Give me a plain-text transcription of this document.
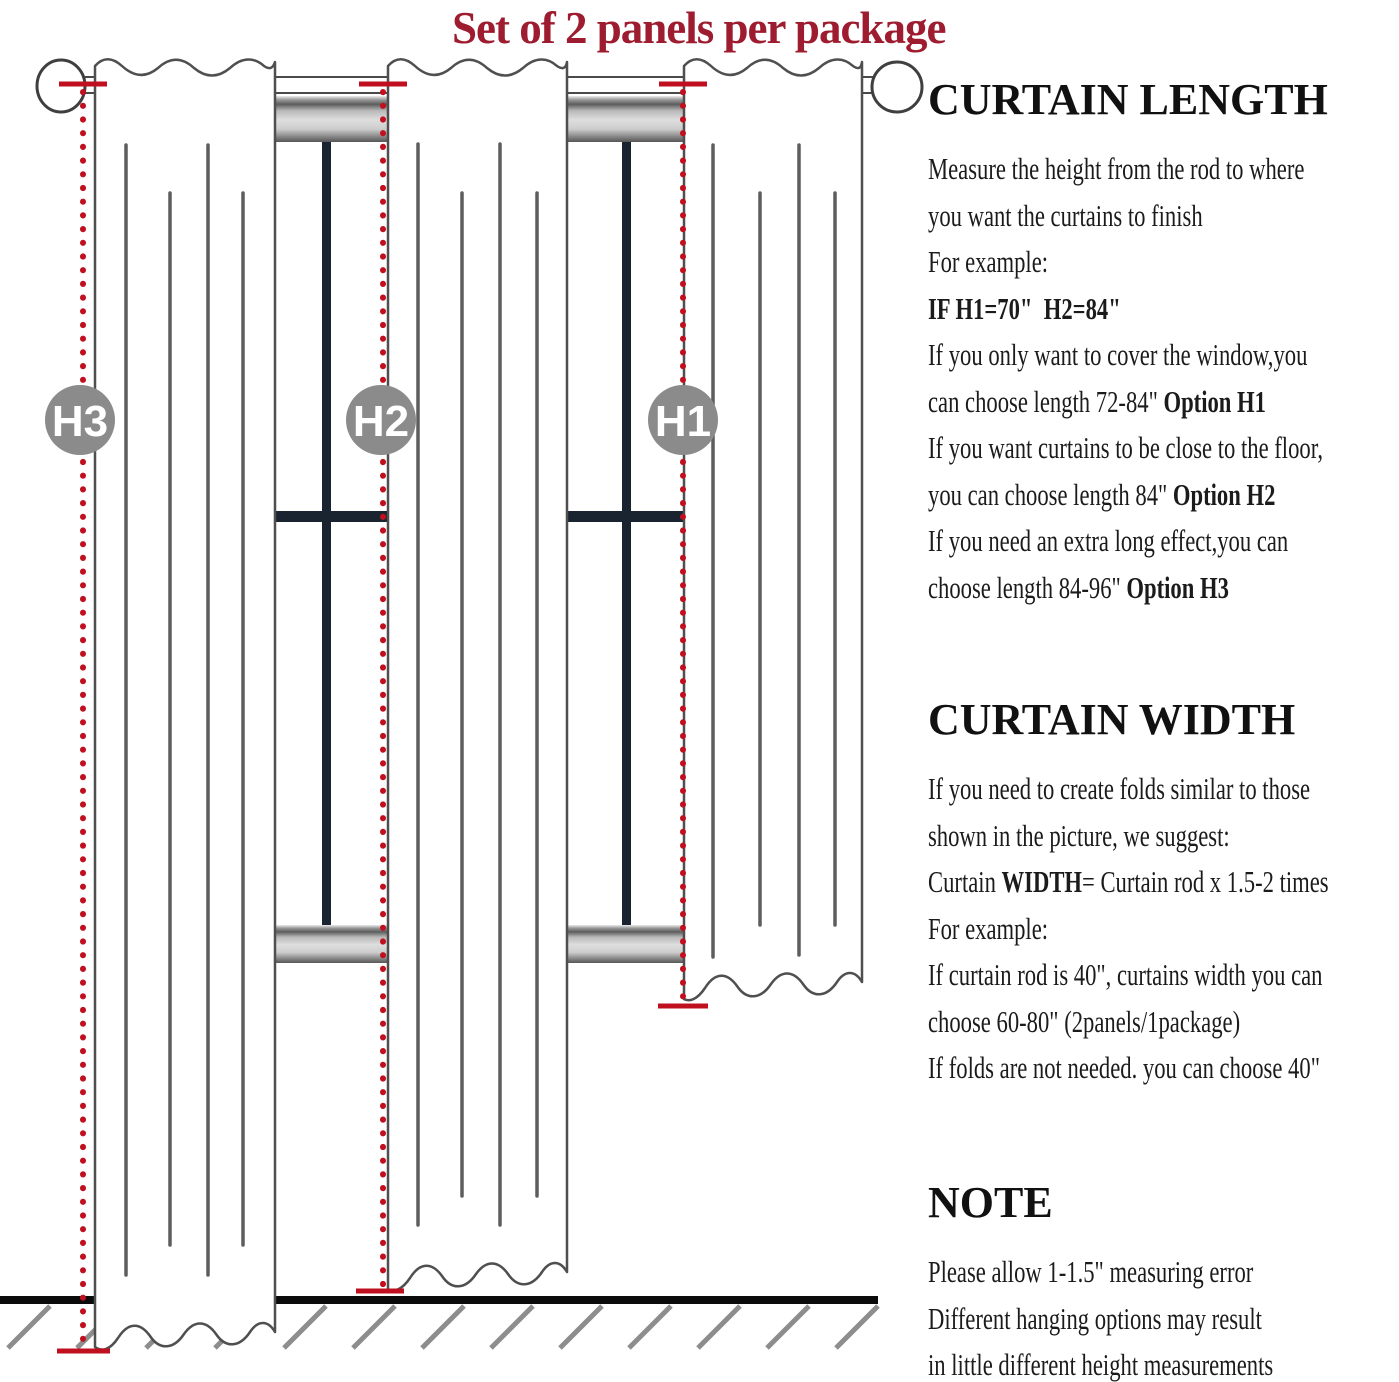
Set of 2 panels per package
H3	H2	H1
CURTAIN LENGTH

Measure the height from the rod to where

you want the curtains to finish

For example:

IF H1=70"  H2=84"

If you only want to cover the window,you

can choose length 72-84" Option H1

If you want curtains to be close to the floor,

you can choose length 84" Option H2

If you need an extra long effect,you can

choose length 84-96" Option H3

CURTAIN WIDTH

If you need to create folds similar to those

shown in the picture, we suggest:

Curtain WIDTH= Curtain rod x 1.5-2 times

For example:

If curtain rod is 40", curtains width you can

choose 60-80" (2panels/1package)

If folds are not needed. you can choose 40"

NOTE

Please allow 1-1.5" measuring error

Different hanging options may result

in little different height measurements
